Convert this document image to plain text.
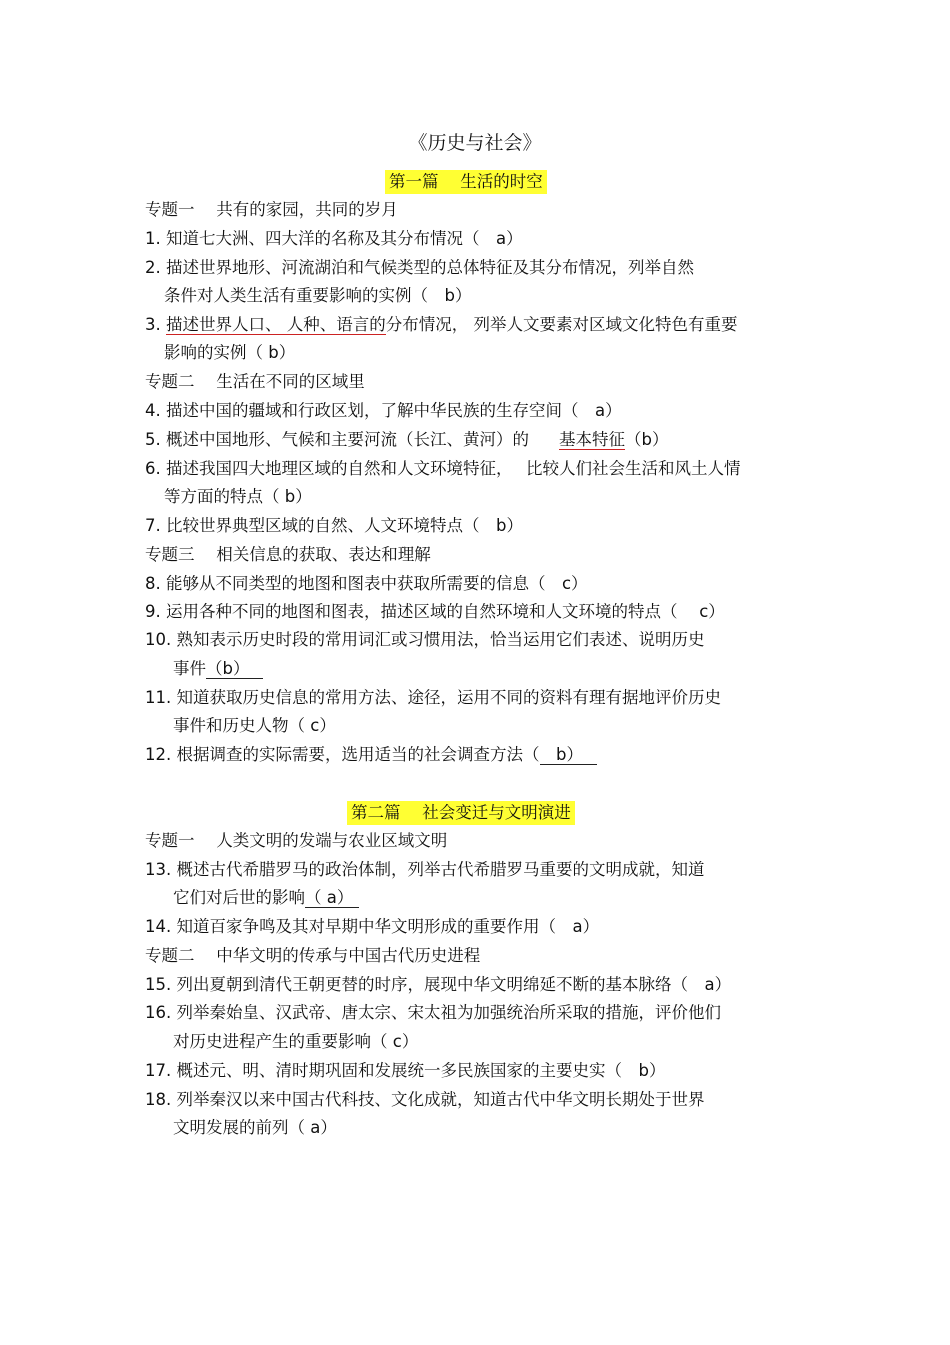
《历史与社会》
第一篇　 生活的时空
专题一　 共有的家园，共同的岁月
1. 知道七大洲、四大洋的名称及其分布情况（　a）
2. 描述世界地形、河流湖泊和气候类型的总体特征及其分布情况，列举自然
条件对人类生活有重要影响的实例（　b）
3. 描述世界人口、 人种、语言的分布情况， 列举人文要素对区域文化特色有重要
影响的实例（ b）
专题二　 生活在不同的区域里
4. 描述中国的疆域和行政区划，了解中华民族的生存空间（　a）
5. 概述中国地形、气候和主要河流（长江、黄河）的 基本特征（b）
6. 描述我国四大地理区域的自然和人文环境特征，　 比较人们社会生活和风土人情
等方面的特点（ b）
7. 比较世界典型区域的自然、人文环境特点（　b）
专题三　 相关信息的获取、表达和理解
8. 能够从不同类型的地图和图表中获取所需要的信息（　c）
9. 运用各种不同的地图和图表，描述区域的自然环境和人文环境的特点（　 c）
10. 熟知表示历史时段的常用词汇或习惯用法，恰当运用它们表述、说明历史
事件（b）
11. 知道获取历史信息的常用方法、途径，运用不同的资料有理有据地评价历史
事件和历史人物（ c）
12. 根据调查的实际需要，选用适当的社会调查方法（　b）
第二篇　 社会变迁与文明演进
专题一　 人类文明的发端与农业区域文明
13. 概述古代希腊罗马的政治体制，列举古代希腊罗马重要的文明成就，知道
它们对后世的影响（ a）
14. 知道百家争鸣及其对早期中华文明形成的重要作用（　a）
专题二　 中华文明的传承与中国古代历史进程
15. 列出夏朝到清代王朝更替的时序，展现中华文明绵延不断的基本脉络（　a）
16. 列举秦始皇、汉武帝、唐太宗、宋太祖为加强统治所采取的措施，评价他们
对历史进程产生的重要影响（ c）
17. 概述元、明、清时期巩固和发展统一多民族国家的主要史实（　b）
18. 列举秦汉以来中国古代科技、文化成就，知道古代中华文明长期处于世界
文明发展的前列（ a）
